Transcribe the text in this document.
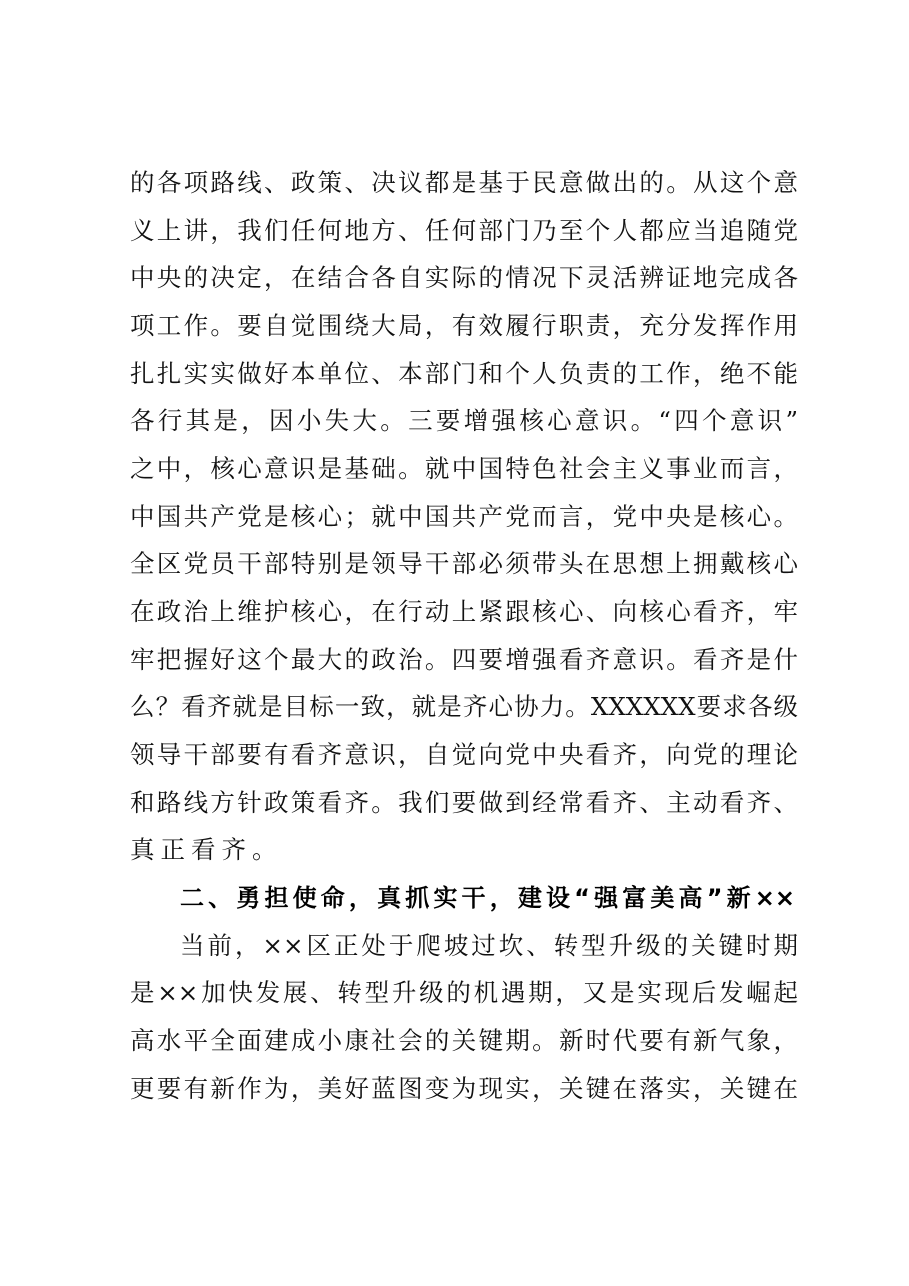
的各项路线、政策、决议都是基于民意做出的。从这个意
义上讲，我们任何地方、任何部门乃至个人都应当追随党
中央的决定，在结合各自实际的情况下灵活辨证地完成各
项工作。要自觉围绕大局，有效履行职责，充分发挥作用
扎扎实实做好本单位、本部门和个人负责的工作，绝不能
各行其是，因小失大。三要增强核心意识。“四个意识”
之中，核心意识是基础。就中国特色社会主义事业而言，
中国共产党是核心；就中国共产党而言，党中央是核心。
全区党员干部特别是领导干部必须带头在思想上拥戴核心
在政治上维护核心，在行动上紧跟核心、向核心看齐，牢
牢把握好这个最大的政治。四要增强看齐意识。看齐是什
么？看齐就是目标一致，就是齐心协力。XXXXXX要求各级
领导干部要有看齐意识，自觉向党中央看齐，向党的理论
和路线方针政策看齐。我们要做到经常看齐、主动看齐、
真正看齐。
二、勇担使命，真抓实干，建设“强富美高”新××
当前，××区正处于爬坡过坎、转型升级的关键时期
是××加快发展、转型升级的机遇期，又是实现后发崛起
高水平全面建成小康社会的关键期。新时代要有新气象，
更要有新作为，美好蓝图变为现实，关键在落实，关键在
